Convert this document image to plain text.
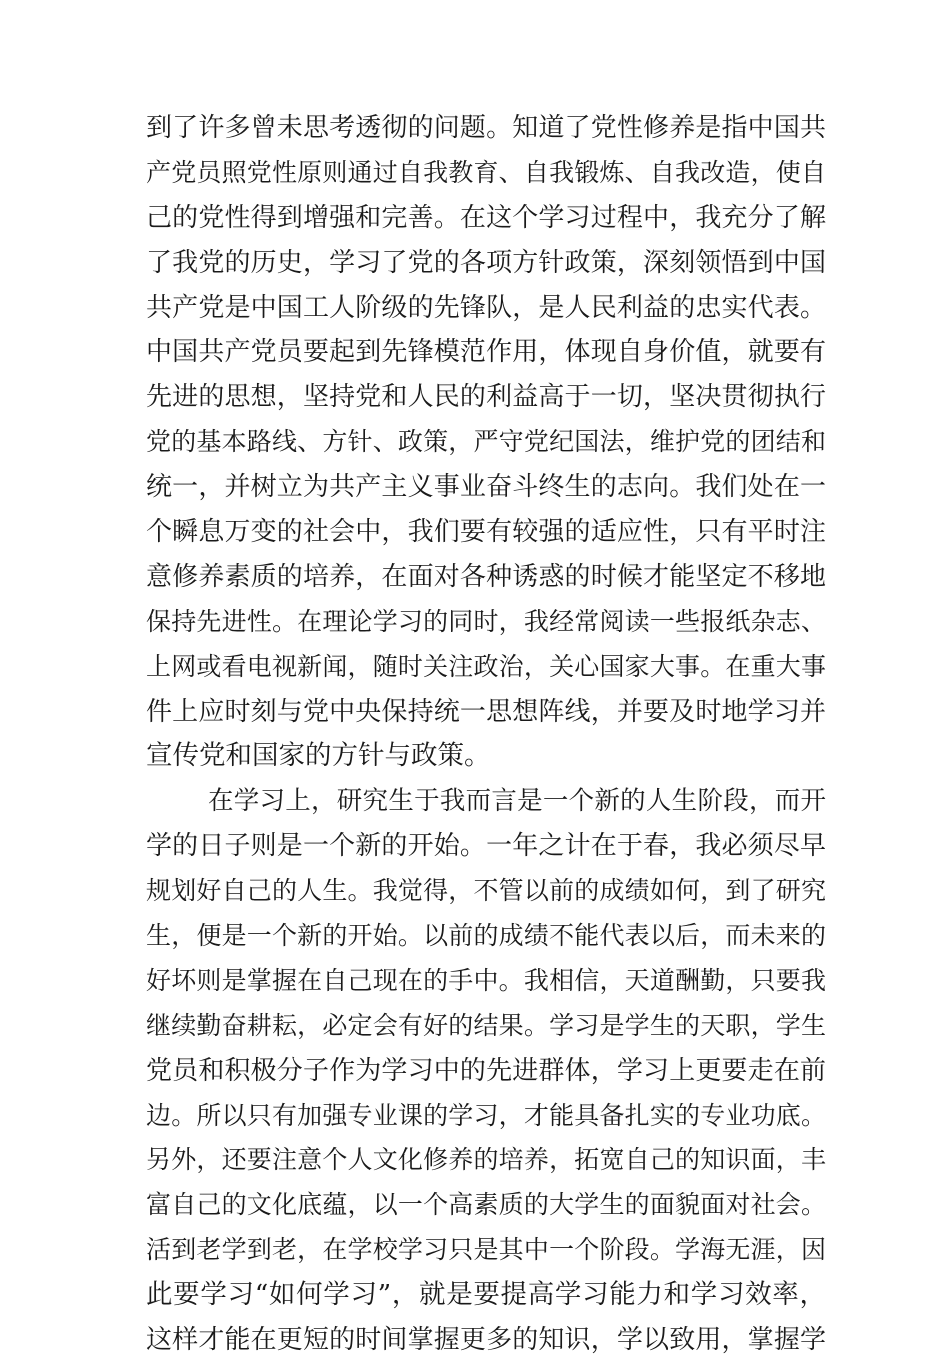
到了许多曾未思考透彻的问题。知道了党性修养是指中国共
产党员照党性原则通过自我教育、自我锻炼、自我改造，使自
己的党性得到增强和完善。在这个学习过程中，我充分了解
了我党的历史，学习了党的各项方针政策，深刻领悟到中国
共产党是中国工人阶级的先锋队，是人民利益的忠实代表。
中国共产党员要起到先锋模范作用，体现自身价值，就要有
先进的思想，坚持党和人民的利益高于一切，坚决贯彻执行
党的基本路线、方针、政策，严守党纪国法，维护党的团结和
统一，并树立为共产主义事业奋斗终生的志向。我们处在一
个瞬息万变的社会中，我们要有较强的适应性，只有平时注
意修养素质的培养，在面对各种诱惑的时候才能坚定不移地
保持先进性。在理论学习的同时，我经常阅读一些报纸杂志、
上网或看电视新闻，随时关注政治，关心国家大事。在重大事
件上应时刻与党中央保持统一思想阵线，并要及时地学习并
宣传党和国家的方针与政策。
在学习上，研究生于我而言是一个新的人生阶段，而开
学的日子则是一个新的开始。一年之计在于春，我必须尽早
规划好自己的人生。我觉得，不管以前的成绩如何，到了研究
生，便是一个新的开始。以前的成绩不能代表以后，而未来的
好坏则是掌握在自己现在的手中。我相信，天道酬勤，只要我
继续勤奋耕耘，必定会有好的结果。学习是学生的天职，学生
党员和积极分子作为学习中的先进群体，学习上更要走在前
边。所以只有加强专业课的学习，才能具备扎实的专业功底。
另外，还要注意个人文化修养的培养，拓宽自己的知识面，丰
富自己的文化底蕴，以一个高素质的大学生的面貌面对社会。
活到老学到老，在学校学习只是其中一个阶段。学海无涯，因
此要学习“如何学习”，就是要提高学习能力和学习效率，
这样才能在更短的时间掌握更多的知识，学以致用，掌握学
